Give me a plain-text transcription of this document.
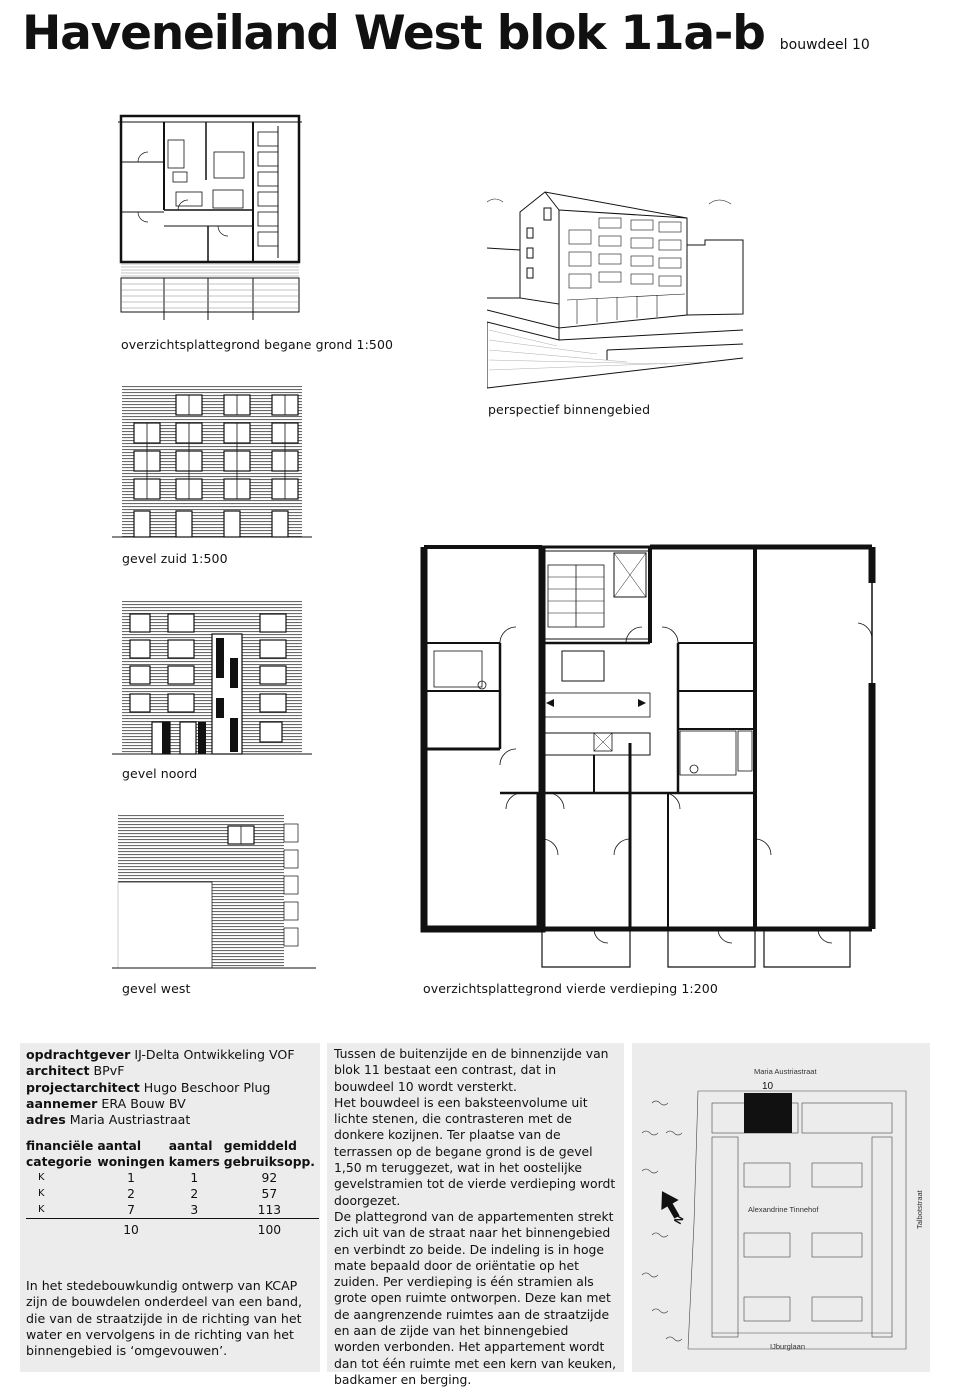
Haveneiland West blok 11a-b bouwdeel 10
overzichtsplattegrond begane grond 1:500
perspectief binnengebied
gevel zuid 1:500
gevel noord
gevel west	overzichtsplattegrond vierde verdieping 1:200
opdrachtgever IJ-Delta Ontwikkeling VOF
architect BPvF
projectarchitect Hugo Beschoor Plug
aannemer ERA Bouw BV
adres Maria Austriastraat
financiële categorie	aantal woningen	aantal kamers	gemiddeld gebruiksopp.
K	1	1	92
K	2	2	57
K	7	3	113
	10		100
In het stedebouwkundig ontwerp van KCAP zijn de bouwdelen onderdeel van een band, die van de straatzijde in de richting van het water en vervolgens in de richting van het binnengebied is ‘omgevouwen’.

Tussen de buitenzijde en de binnenzijde van blok 11 bestaat een contrast, dat in bouwdeel 10 wordt versterkt.

Het bouwdeel is een baksteenvolume uit lichte stenen, die contrasteren met de donkere kozijnen. Ter plaatse van de terrassen op de begane grond is de gevel 1,50 m teruggezet, wat in het oostelijke gevelstramien tot de vierde verdieping wordt doorgezet.

De plattegrond van de appartementen strekt zich uit van de straat naar het binnengebied en verbindt zo beide. De indeling is in hoge mate bepaald door de oriëntatie op het zuiden. Per verdieping is één stramien als grote open ruimte ontworpen. Deze kan met de aangrenzende ruimtes aan de straatzijde en aan de zijde van het binnengebied worden verbonden. Het appartement wordt dan tot één ruimte met een kern van keuken, badkamer en berging.

Maria Austriastraat
10
Alexandrine Tinnehof	Talbotstraat
IJburglaan
N
